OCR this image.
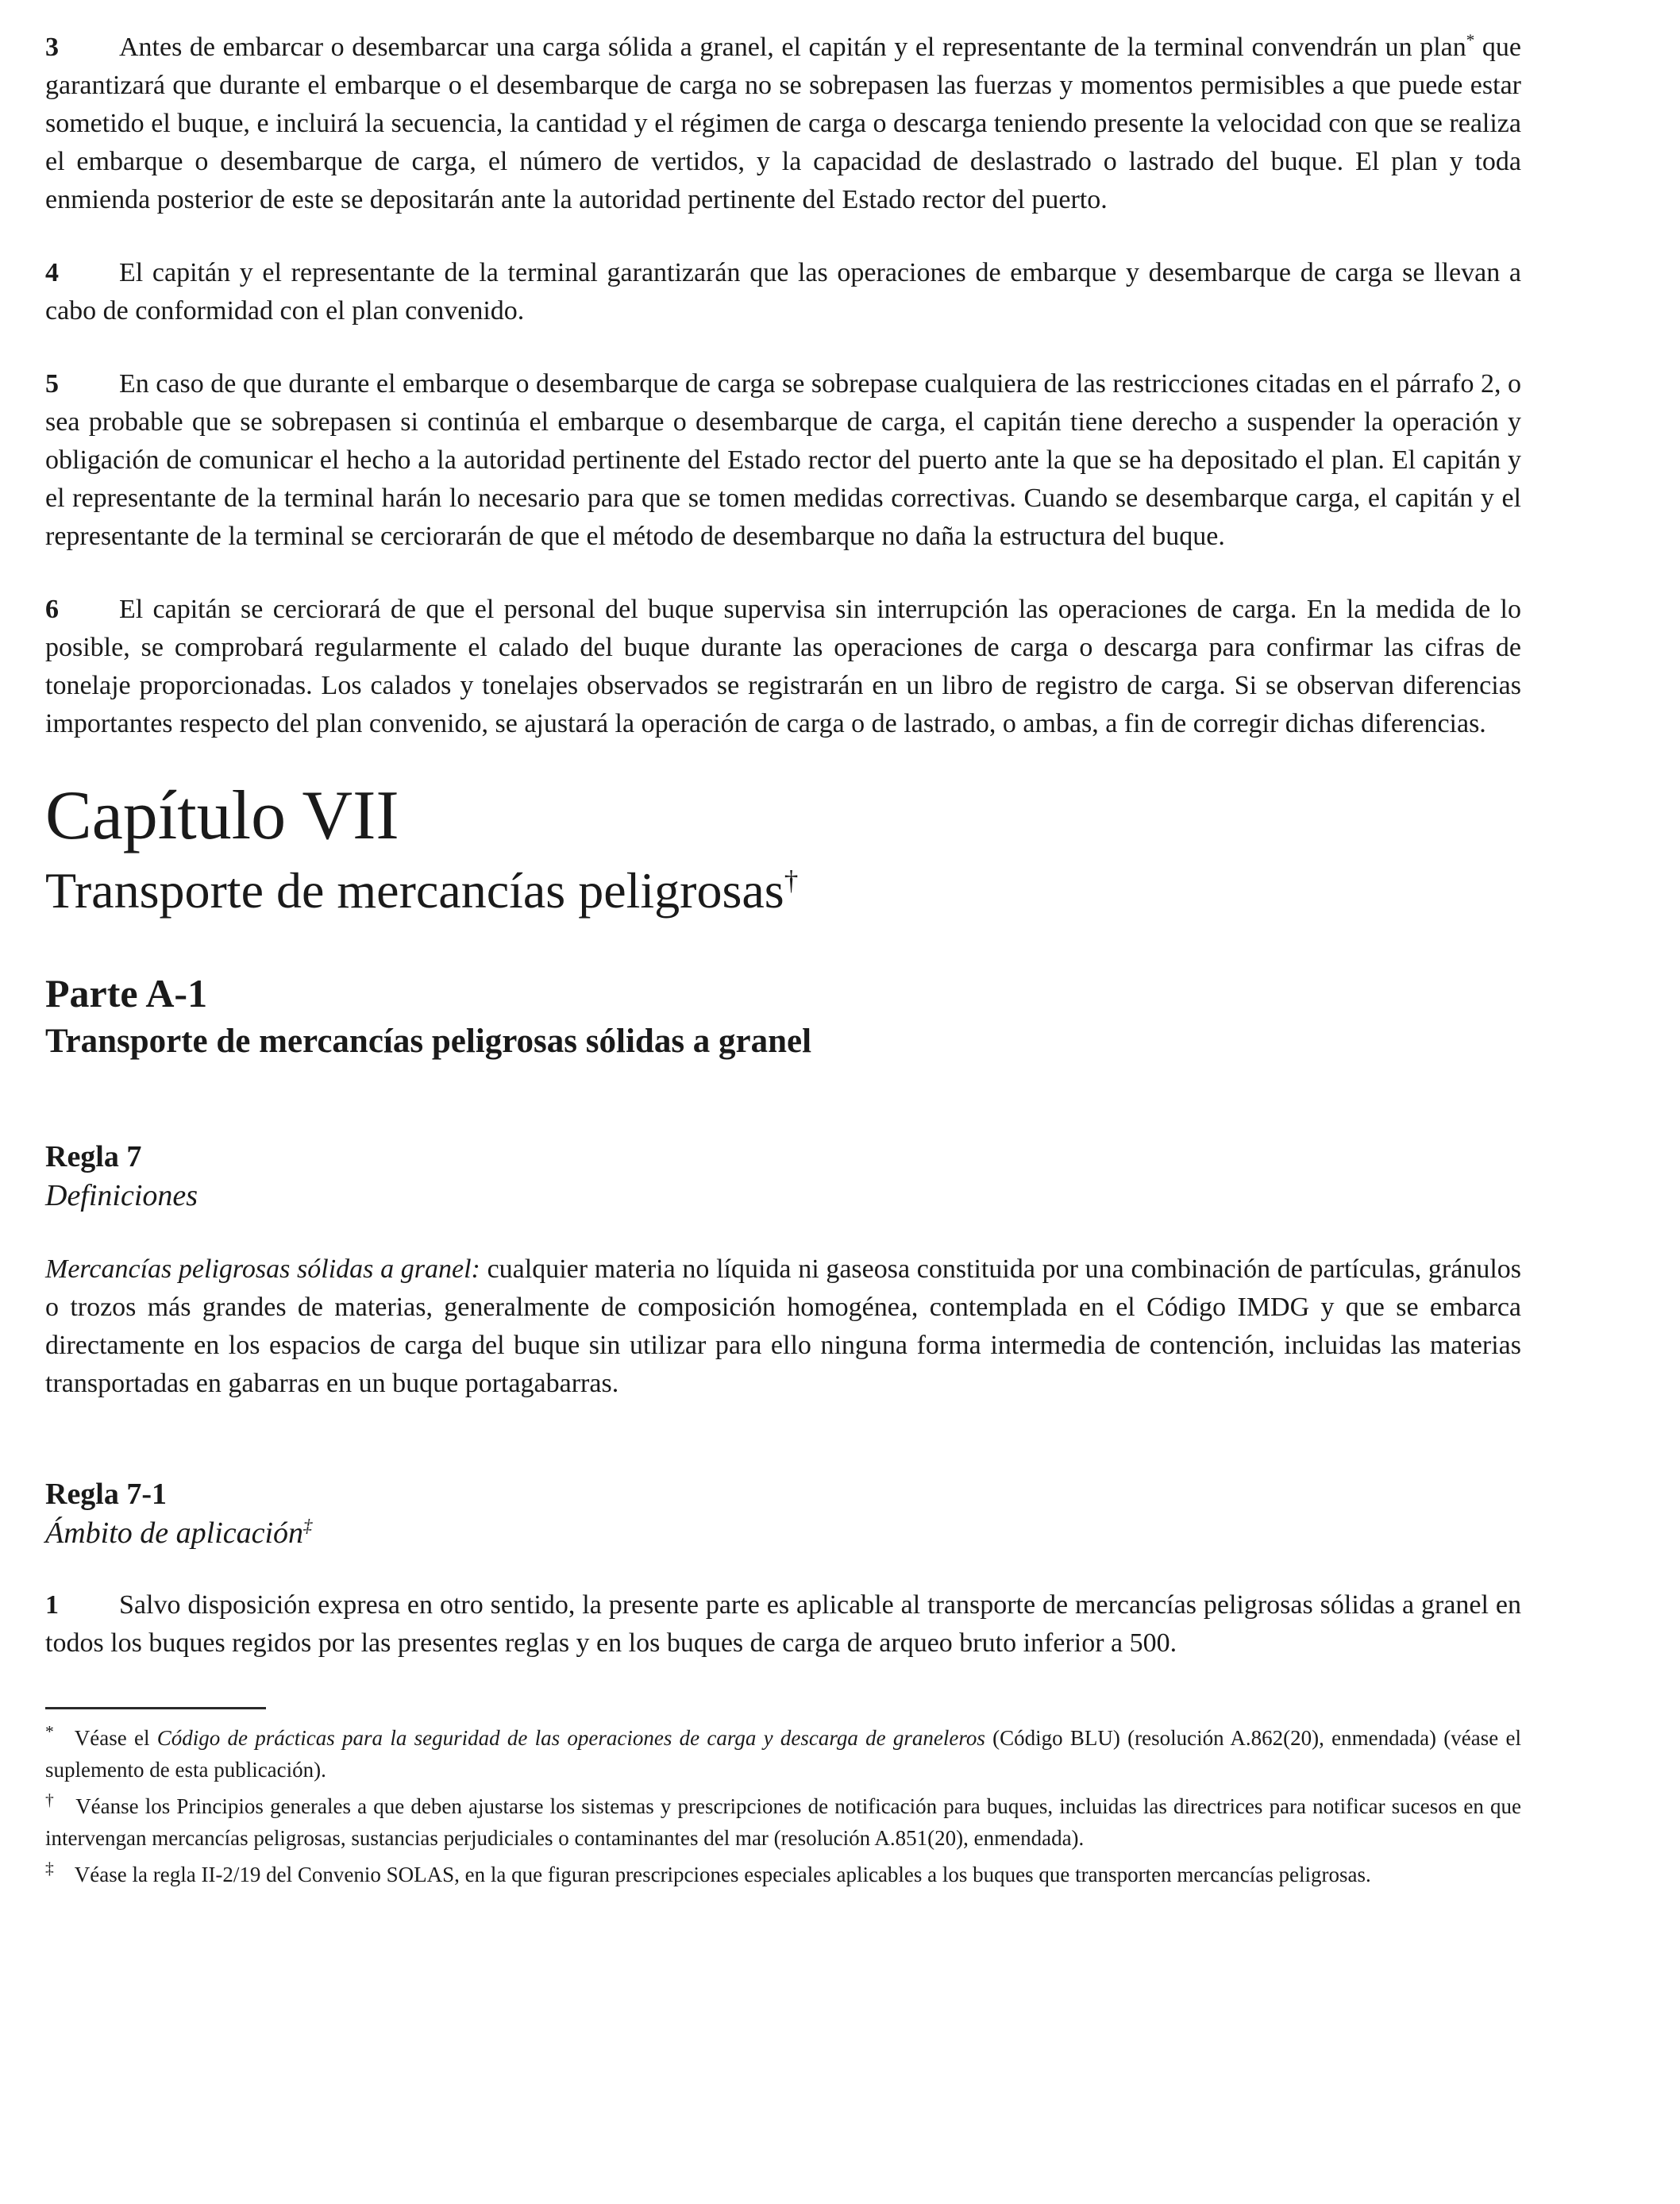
3 Antes de embarcar o desembarcar una carga sólida a granel, el capitán y el representante de la terminal convendrán un plan* que garantizará que durante el embarque o el desembarque de carga no se sobrepasen las fuerzas y momentos permisibles a que puede estar sometido el buque, e incluirá la secuencia, la cantidad y el régimen de carga o descarga teniendo presente la velocidad con que se realiza el embarque o desembarque de carga, el número de vertidos, y la capacidad de deslastrado o lastrado del buque. El plan y toda enmienda posterior de este se depositarán ante la autoridad pertinente del Estado rector del puerto.

4 El capitán y el representante de la terminal garantizarán que las operaciones de embarque y desembarque de carga se llevan a cabo de conformidad con el plan convenido.

5 En caso de que durante el embarque o desembarque de carga se sobrepase cualquiera de las restricciones citadas en el párrafo 2, o sea probable que se sobrepasen si continúa el embarque o desembarque de carga, el capitán tiene derecho a suspender la operación y obligación de comunicar el hecho a la autoridad pertinente del Estado rector del puerto ante la que se ha depositado el plan. El capitán y el representante de la terminal harán lo necesario para que se tomen medidas correctivas. Cuando se desembarque carga, el capitán y el representante de la terminal se cerciorarán de que el método de desembarque no daña la estructura del buque.

6 El capitán se cerciorará de que el personal del buque supervisa sin interrupción las operaciones de carga. En la medida de lo posible, se comprobará regularmente el calado del buque durante las operaciones de carga o descarga para confirmar las cifras de tonelaje proporcionadas. Los calados y tonelajes observados se registrarán en un libro de registro de carga. Si se observan diferencias importantes respecto del plan convenido, se ajustará la operación de carga o de lastrado, o ambas, a fin de corregir dichas diferencias.

Capítulo VII
Transporte de mercancías peligrosas†
Parte A-1
Transporte de mercancías peligrosas sólidas a granel
Regla 7
Definiciones

Mercancías peligrosas sólidas a granel: cualquier materia no líquida ni gaseosa constituida por una combinación de partículas, gránulos o trozos más grandes de materias, generalmente de composición homogénea, contemplada en el Código IMDG y que se embarca directamente en los espacios de carga del buque sin utilizar para ello ninguna forma intermedia de contención, incluidas las materias transportadas en gabarras en un buque portagabarras.

Regla 7-1
Ámbito de aplicación‡

1 Salvo disposición expresa en otro sentido, la presente parte es aplicable al transporte de mercancías peligrosas sólidas a granel en todos los buques regidos por las presentes reglas y en los buques de carga de arqueo bruto inferior a 500.

* Véase el Código de prácticas para la seguridad de las operaciones de carga y descarga de graneleros (Código BLU) (resolución A.862(20), enmendada) (véase el suplemento de esta publicación).

† Véanse los Principios generales a que deben ajustarse los sistemas y prescripciones de notificación para buques, incluidas las directrices para notificar sucesos en que intervengan mercancías peligrosas, sustancias perjudiciales o contaminantes del mar (resolución A.851(20), enmendada).

‡ Véase la regla II-2/19 del Convenio SOLAS, en la que figuran prescripciones especiales aplicables a los buques que transporten mercancías peligrosas.
